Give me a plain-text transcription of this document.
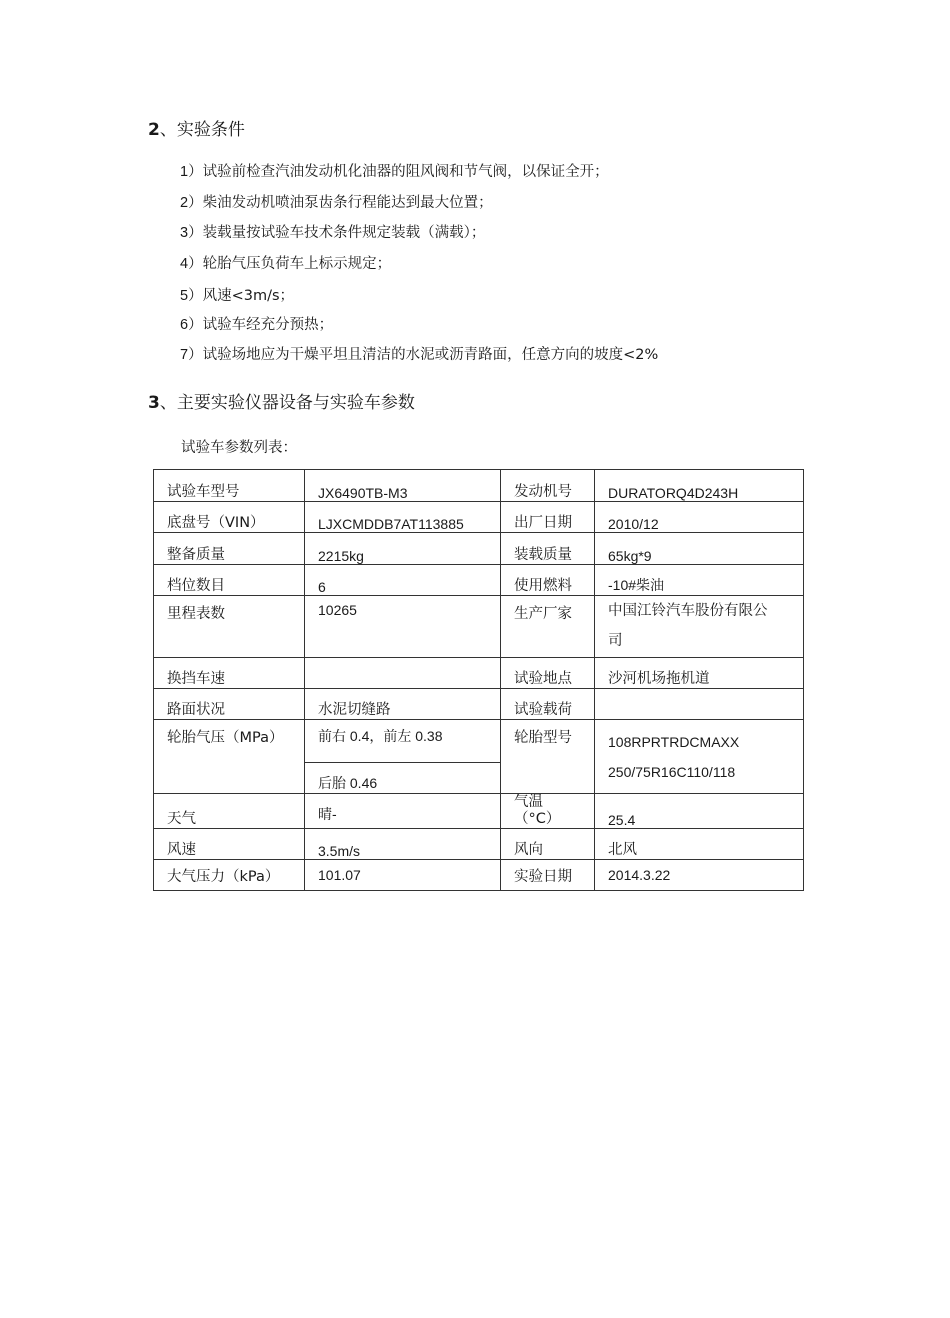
2、实验条件
1）试验前检查汽油发动机化油器的阻风阀和节气阀，以保证全开；
2）柴油发动机喷油泵齿条行程能达到最大位置；
3）装载量按试验车技术条件规定装载（满载）；
4）轮胎气压负荷车上标示规定；
5）风速<3m/s；
6）试验车经充分预热；
7）试验场地应为干燥平坦且清洁的水泥或沥青路面，任意方向的坡度<2%
3、主要实验仪器设备与实验车参数
试验车参数列表：
试验车型号	JX6490TB-M3	发动机号	DURATORQ4D243H
底盘号（VIN）	LJXCMDDB7AT113885	出厂日期	2010/12
整备质量	2215kg	装载质量	65kg*9
档位数目	6	使用燃料	-10#柴油
里程表数	10265	生产厂家	中国江铃汽车股份有限公
司

换挡车速		试验地点	沙河机场拖机道
路面状况	水泥切缝路	试验载荷	
轮胎气压（MPa）	前右 0.4，前左 0.38	轮胎型号	108RPRTRDCMAXX
250/75R16C110/118

	后胎 0.46		
天气	晴-	气温
（°C）	25.4
风速	3.5m/s	风向	北风
大气压力（kPa）	101.07	实验日期	2014.3.22
